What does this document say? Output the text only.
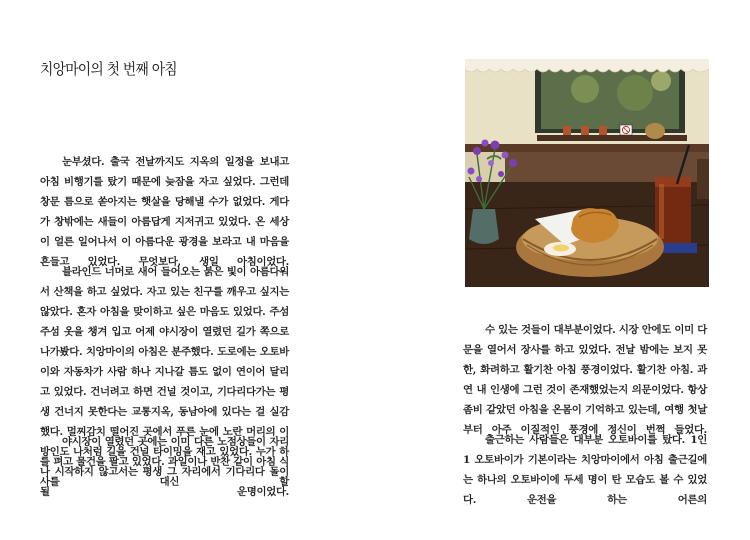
치앙마이의 첫 번째 아침

눈부셨다. 출국 전날까지도 지옥의 일정을 보내고 아침 비행기를 탔기 때문에 늦잠을 자고 싶었다. 그런데 창문 틈으로 쏟아지는 햇살을 당해낼 수가 없었다. 게다가 창밖에는 새들이 아름답게 지저귀고 있었다. 온 세상이 얼른 일어나서 이 아름다운 광경을 보라고 내 마음을 흔들고 있었다. 무엇보다, 생일 아침이었다.

블라인드 너머로 새어 들어오는 붉은 빛이 아름다워서 산책을 하고 싶었다. 자고 있는 친구를 깨우고 싶지는 않았다. 혼자 아침을 맞이하고 싶은 마음도 있었다. 주섬주섬 옷을 챙겨 입고 어제 야시장이 열렸던 길가 쪽으로 나가봤다. 치앙마이의 아침은 분주했다. 도로에는 오토바이와 자동차가 사람 하나 지나갈 틈도 없이 연이어 달리고 있었다. 건너려고 하면 건널 것이고, 기다리다가는 평생 건너지 못한다는 교통지옥, 동남아에 있다는 걸 실감했다. 멀찌감치 떨어진 곳에서 푸른 눈에 노란 머리의 이방인도 나처럼 길을 건널 타이밍을 재고 있었다. 누가 하나 시작하지 않고서는 평생 그 자리에서 기다리다 돌이 될 운명이었다.

야시장이 열렸던 곳에는 이미 다른 노점상들이 자리를 펴고 물건을 팔고 있었다. 과일이나 반찬 같이 아침 식사를 대신 할

수 있는 것들이 대부분이었다. 시장 안에도 이미 다 문을 열어서 장사를 하고 있었다. 전날 밤에는 보지 못한, 화려하고 활기찬 아침 풍경이었다. 활기찬 아침. 과연 내 인생에 그런 것이 존재했었는지 의문이었다. 항상 좀비 같았던 아침을 온몸이 기억하고 있는데, 여행 첫날부터 아주 이질적인 풍경에 정신이 번쩍 들었다.

출근하는 사람들은 대부분 오토바이를 탔다. 1인 1 오토바이가 기본이라는 치앙마이에서 아침 출근길에는 하나의 오토바이에 두세 명이 탄 모습도 볼 수 있었다. 운전을 하는 어른의
